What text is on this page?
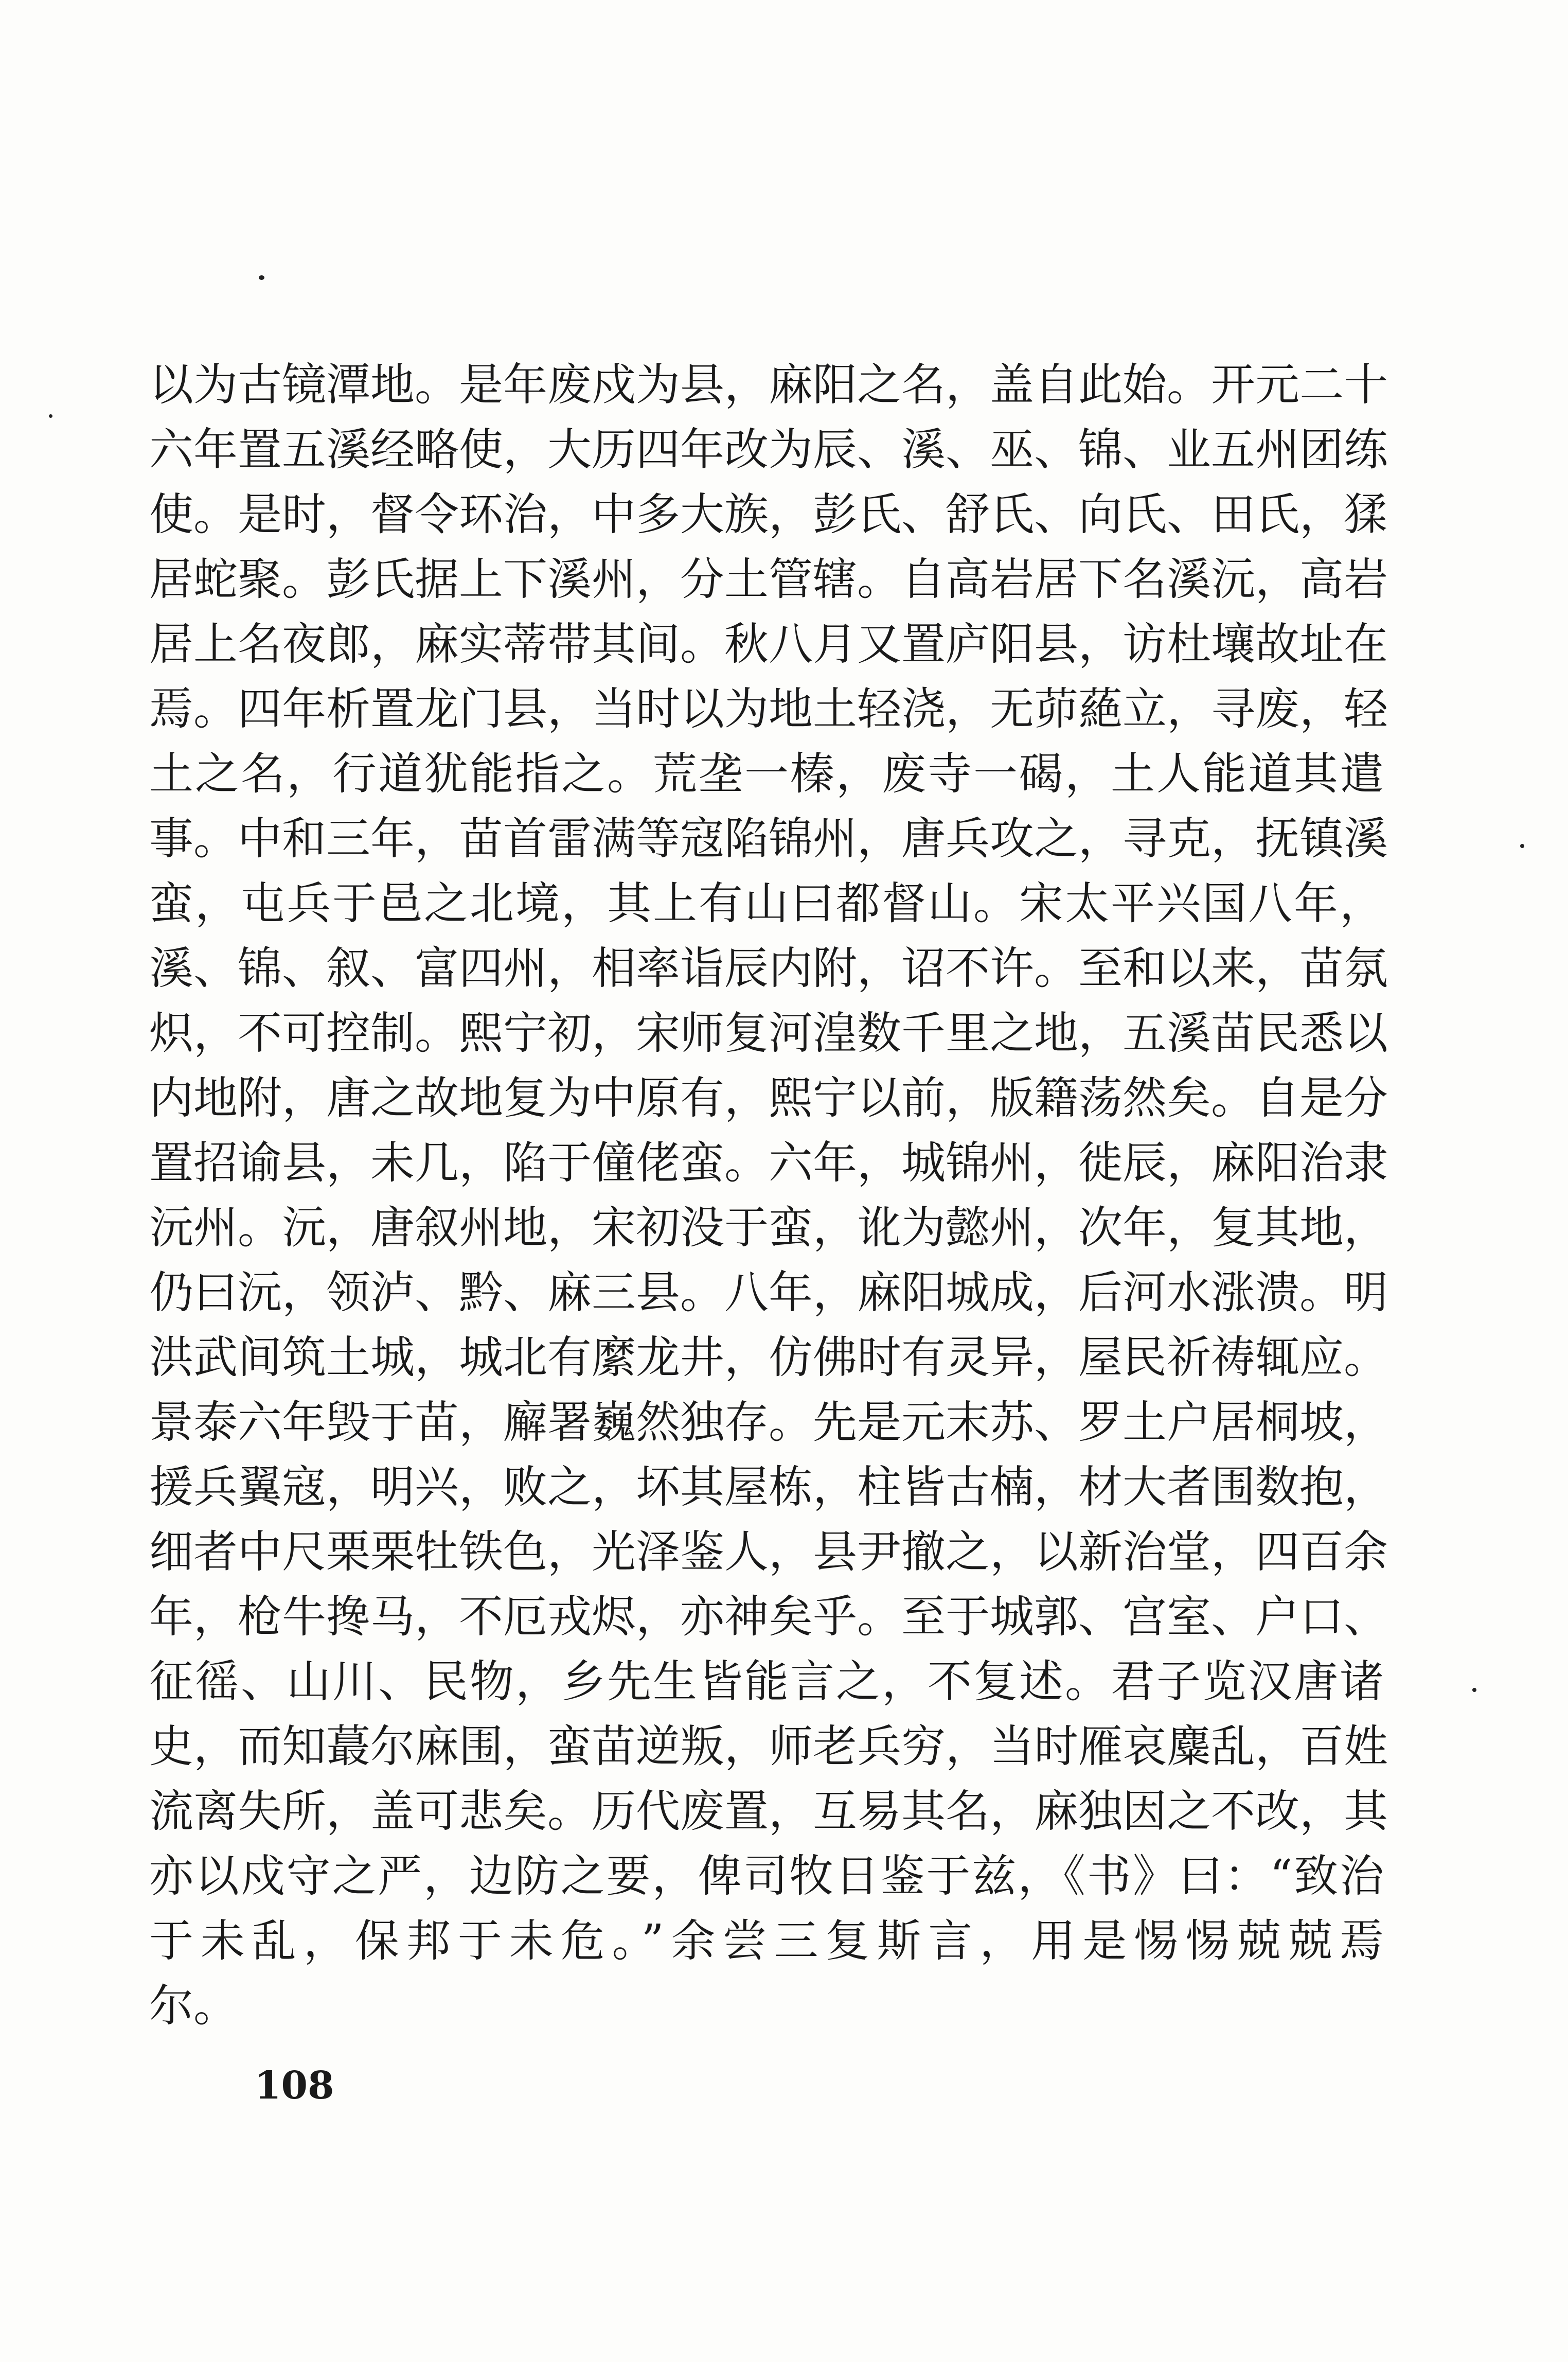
以为古镜潭地。是年废戍为县，麻阳之名，盖自此始。开元二十
六年置五溪经略使，大历四年改为辰、溪、巫、锦、业五州团练
使。是时，督令环治，中多大族，彭氏、舒氏、向氏、田氏，猱
居蛇聚。彭氏据上下溪州，分土管辖。自高岩居下名溪沅，高岩
居上名夜郎，麻实蒂带其间。秋八月又置庐阳县，访杜壤故址在
焉。四年析置龙门县，当时以为地土轻浇，无茆蕝立，寻废，轻
土之名，行道犹能指之。荒垄一榛，废寺一碣，土人能道其遣
事。中和三年，苗首雷满等寇陷锦州，唐兵攻之，寻克，抚镇溪
蛮，屯兵于邑之北境，其上有山曰都督山。宋太平兴国八年，
溪、锦、叙、富四州，相率诣辰内附，诏不许。至和以来，苗氛
炽，不可控制。熙宁初，宋师复河湟数千里之地，五溪苗民悉以
内地附，唐之故地复为中原有，熙宁以前，版籍荡然矣。自是分
置招谕县，未几，陷于僮佬蛮。六年，城锦州，徙辰，麻阳治隶
沅州。沅，唐叙州地，宋初没于蛮，讹为懿州，次年，复其地，
仍曰沅，领泸、黔、麻三县。八年，麻阳城成，后河水涨溃。明
洪武间筑土城，城北有縻龙井，仿佛时有灵异，屋民祈祷辄应。
景泰六年毁于苗，廨署巍然独存。先是元末苏、罗土户居桐坡，
援兵翼寇，明兴，败之，坏其屋栋，柱皆古楠，材大者围数抱，
细者中尺栗栗牡铁色，光泽鉴人，县尹撤之，以新治堂，四百余
年，枪牛搀马，不厄戎烬，亦神矣乎。至于城郭、宫室、户口、
征徭、山川、民物，乡先生皆能言之，不复述。君子览汉唐诸
史，而知蕞尔麻围，蛮苗逆叛，师老兵穷，当时雁哀麋乱，百姓
流离失所，盖可悲矣。历代废置，互易其名，麻独因之不改，其
亦以戍守之严，边防之要，俾司牧日鉴于兹，《书》曰：“致治
于未乱，保邦于未危。”余尝三复斯言，用是惕惕兢兢焉
尔。
108
